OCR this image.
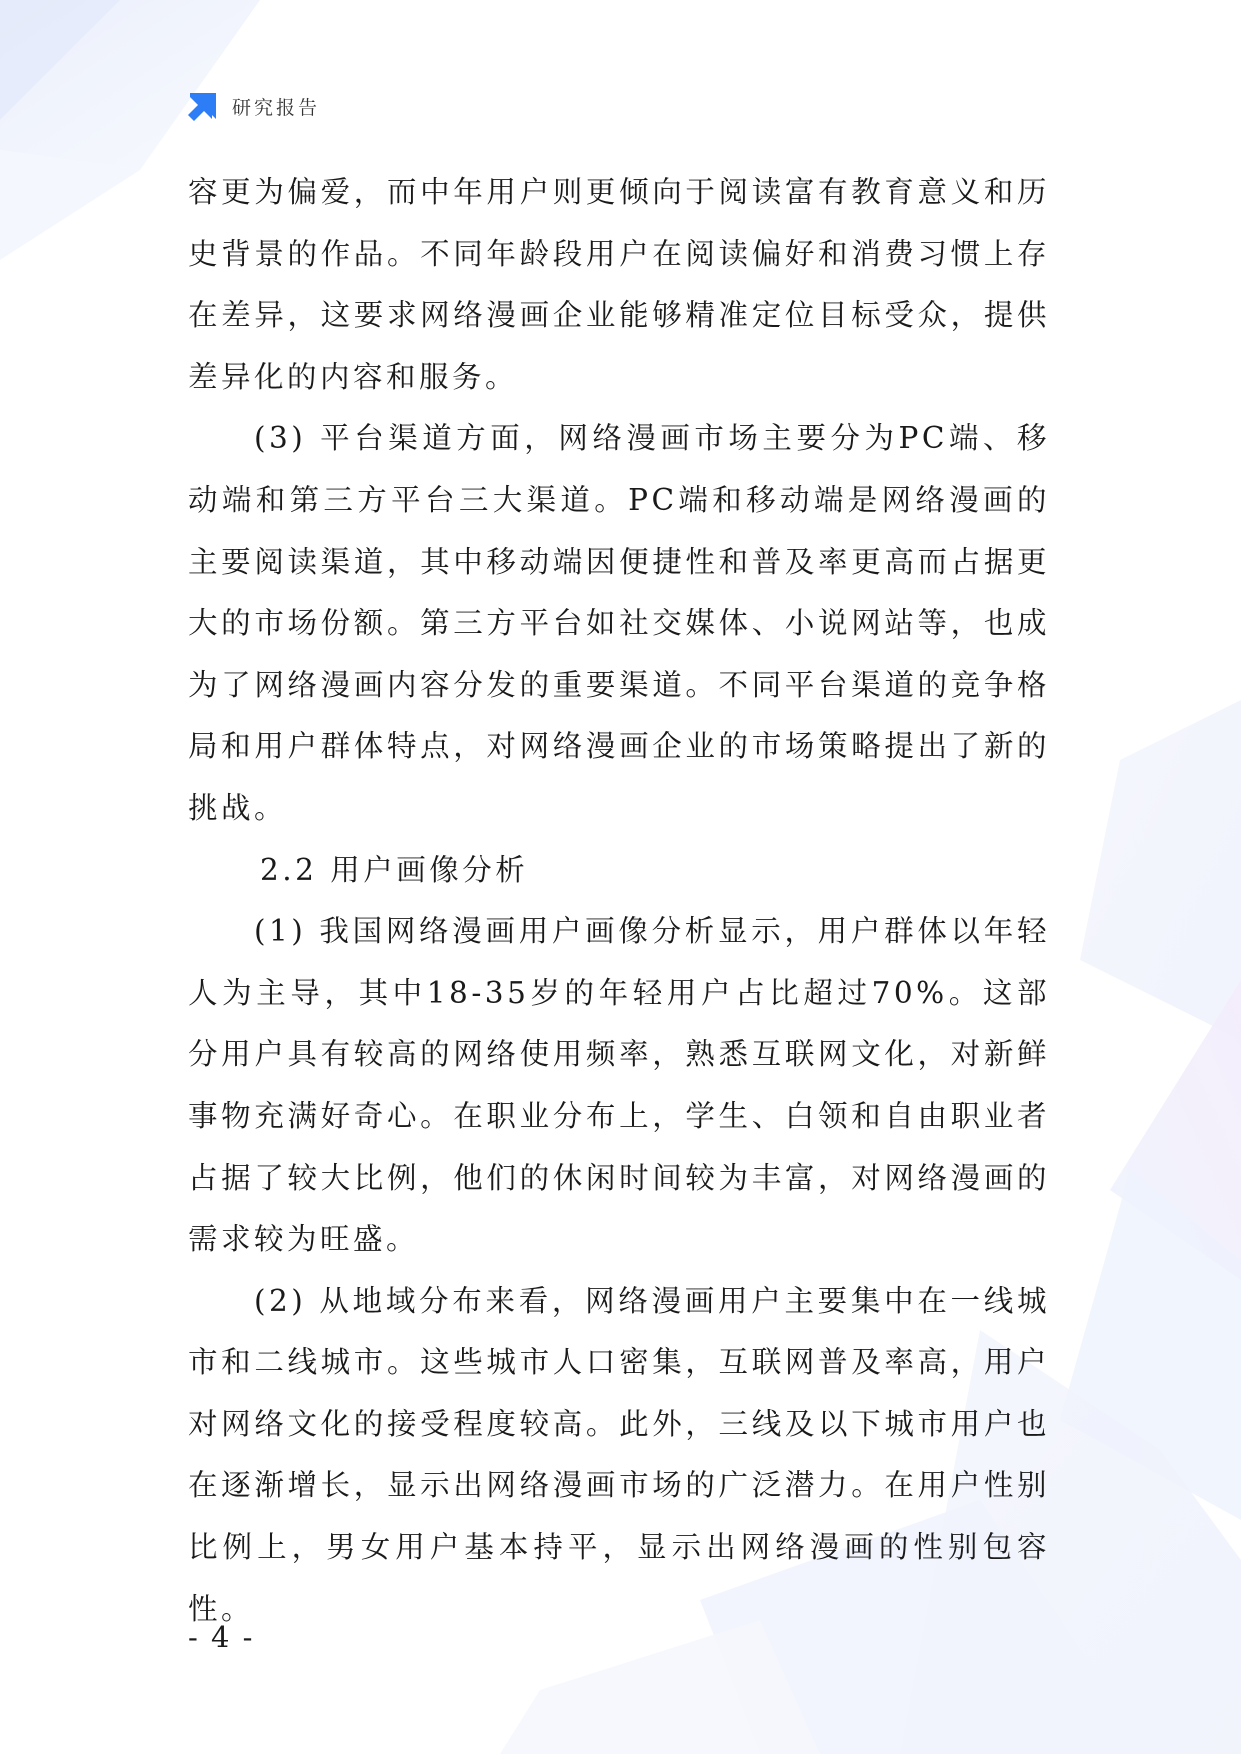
研究报告

容更为偏爱，而中年用户则更倾向于阅读富有教育意义和历史背景的作品。不同年龄段用户在阅读偏好和消费习惯上存在差异，这要求网络漫画企业能够精准定位目标受众，提供差异化的内容和服务。

(3) 平台渠道方面，网络漫画市场主要分为PC端、移动端和第三方平台三大渠道。PC端和移动端是网络漫画的主要阅读渠道，其中移动端因便捷性和普及率更高而占据更大的市场份额。第三方平台如社交媒体、小说网站等，也成为了网络漫画内容分发的重要渠道。不同平台渠道的竞争格局和用户群体特点，对网络漫画企业的市场策略提出了新的挑战。

2.2 用户画像分析

(1) 我国网络漫画用户画像分析显示，用户群体以年轻人为主导，其中18-35岁的年轻用户占比超过70%。这部分用户具有较高的网络使用频率，熟悉互联网文化，对新鲜事物充满好奇心。在职业分布上，学生、白领和自由职业者占据了较大比例，他们的休闲时间较为丰富，对网络漫画的需求较为旺盛。

(2) 从地域分布来看，网络漫画用户主要集中在一线城市和二线城市。这些城市人口密集，互联网普及率高，用户对网络文化的接受程度较高。此外，三线及以下城市用户也在逐渐增长，显示出网络漫画市场的广泛潜力。在用户性别比例上，男女用户基本持平，显示出网络漫画的性别包容性。

- 4 -
